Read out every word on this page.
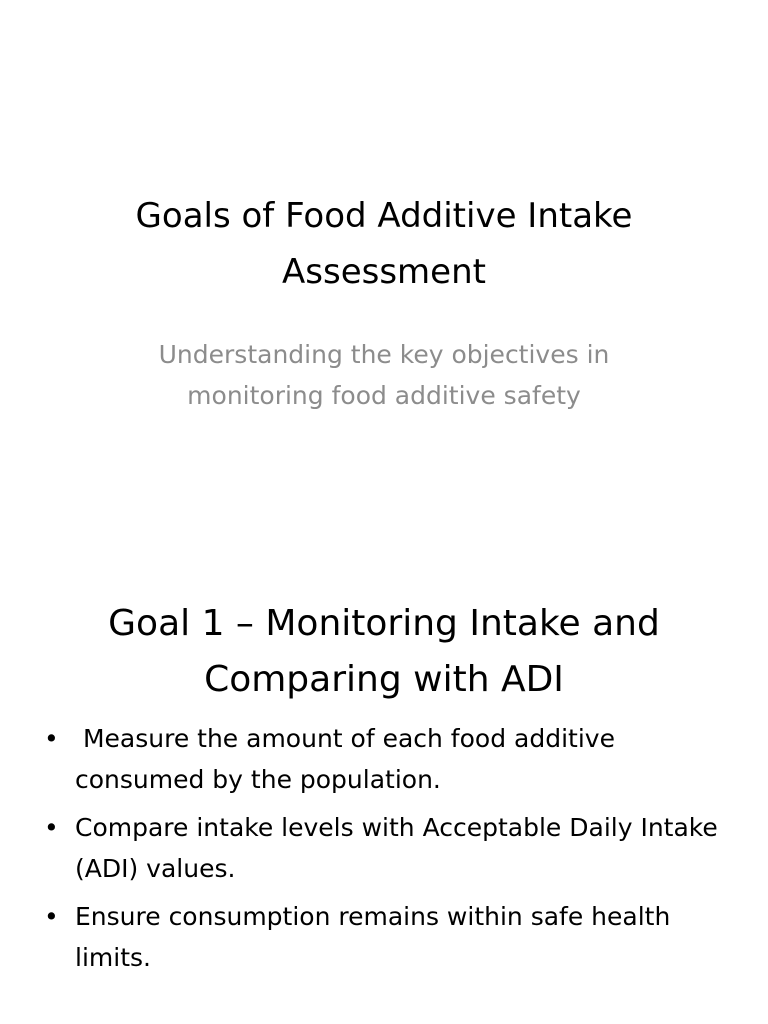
Goals of Food Additive Intake Assessment

Understanding the key objectives in monitoring food additive safety

Goal 1 – Monitoring Intake and Comparing with ADI
• Measure the amount of each food additive consumed by the population.
• Compare intake levels with Acceptable Daily Intake (ADI) values.
• Ensure consumption remains within safe health limits.
